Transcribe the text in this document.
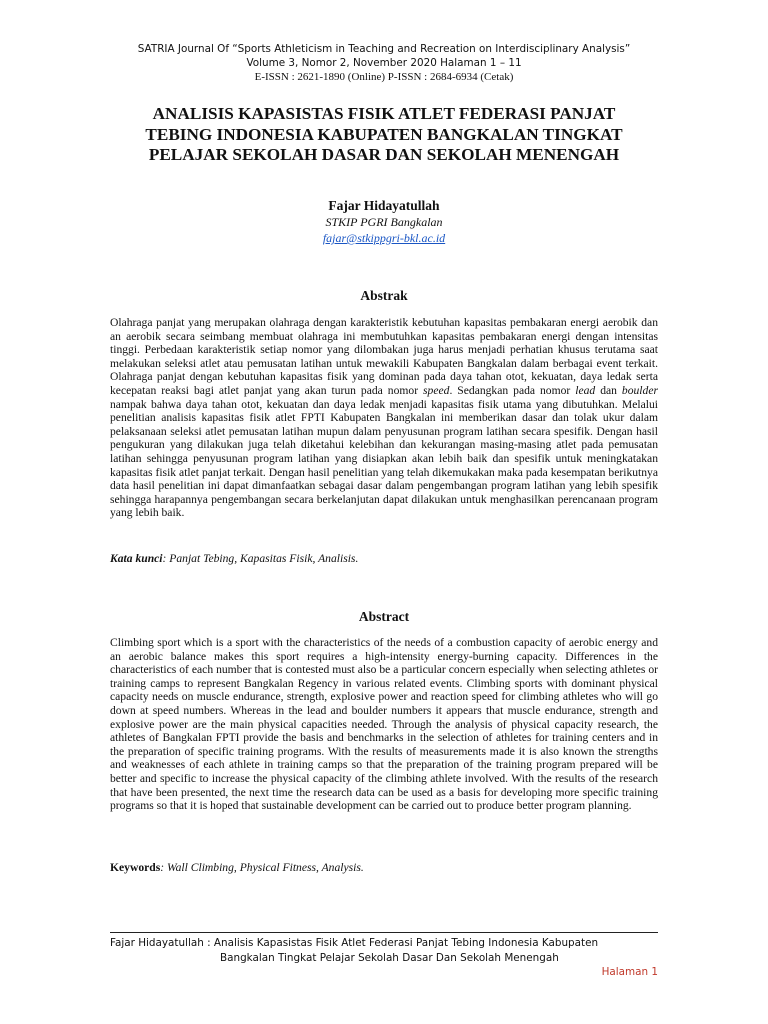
SATRIA Journal Of “Sports Athleticism in Teaching and Recreation on Interdisciplinary Analysis”
Volume 3, Nomor 2, November 2020 Halaman 1 – 11
E-ISSN : 2621-1890 (Online) P-ISSN : 2684-6934 (Cetak)
ANALISIS KAPASISTAS FISIK ATLET FEDERASI PANJAT
TEBING INDONESIA KABUPATEN BANGKALAN TINGKAT
PELAJAR SEKOLAH DASAR DAN SEKOLAH MENENGAH
Fajar Hidayatullah
STKIP PGRI Bangkalan
fajar@stkippgri-bkl.ac.id
Abstrak

Olahraga panjat yang merupakan olahraga dengan karakteristik kebutuhan kapasitas pembakaran energi aerobik dan an aerobik secara seimbang membuat olahraga ini membutuhkan kapasitas pembakaran energi dengan intensitas tinggi. Perbedaan karakteristik setiap nomor yang dilombakan juga harus menjadi perhatian khusus terutama saat melakukan seleksi atlet atau pemusatan latihan untuk mewakili Kabupaten Bangkalan dalam berbagai event terkait. Olahraga panjat dengan kebutuhan kapasitas fisik yang dominan pada daya tahan otot, kekuatan, daya ledak serta kecepatan reaksi bagi atlet panjat yang akan turun pada nomor speed. Sedangkan pada nomor lead dan boulder nampak bahwa daya tahan otot, kekuatan dan daya ledak menjadi kapasitas fisik utama yang dibutuhkan. Melalui penelitian analisis kapasitas fisik atlet FPTI Kabupaten Bangkalan ini memberikan dasar dan tolak ukur dalam pelaksanaan seleksi atlet pemusatan latihan mupun dalam penyusunan program latihan secara spesifik. Dengan hasil pengukuran yang dilakukan juga telah diketahui kelebihan dan kekurangan masing-masing atlet pada pemusatan latihan sehingga penyusunan program latihan yang disiapkan akan lebih baik dan spesifik untuk meningkatakan kapasitas fisik atlet panjat terkait. Dengan hasil penelitian yang telah dikemukakan maka pada kesempatan berikutnya data hasil penelitian ini dapat dimanfaatkan sebagai dasar dalam pengembangan program latihan yang lebih spesifik sehingga harapannya pengembangan secara berkelanjutan dapat dilakukan untuk menghasilkan perencanaan program yang lebih baik.

Kata kunci: Panjat Tebing, Kapasitas Fisik, Analisis.

Abstract

Climbing sport which is a sport with the characteristics of the needs of a combustion capacity of aerobic energy and an aerobic balance makes this sport requires a high-intensity energy-burning capacity. Differences in the characteristics of each number that is contested must also be a particular concern especially when selecting athletes or training camps to represent Bangkalan Regency in various related events. Climbing sports with dominant physical capacity needs on muscle endurance, strength, explosive power and reaction speed for climbing athletes who will go down at speed numbers. Whereas in the lead and boulder numbers it appears that muscle endurance, strength and explosive power are the main physical capacities needed. Through the analysis of physical capacity research, the athletes of Bangkalan FPTI provide the basis and benchmarks in the selection of athletes for training centers and in the preparation of specific training programs. With the results of measurements made it is also known the strengths and weaknesses of each athlete in training camps so that the preparation of the training program prepared will be better and specific to increase the physical capacity of the climbing athlete involved. With the results of the research that have been presented, the next time the research data can be used as a basis for developing more specific training programs so that it is hoped that sustainable development can be carried out to produce better program planning.

Keywords: Wall Climbing, Physical Fitness, Analysis.

Fajar Hidayatullah : Analisis Kapasistas Fisik Atlet Federasi Panjat Tebing Indonesia Kabupaten
Bangkalan Tingkat Pelajar Sekolah Dasar Dan Sekolah Menengah
Halaman 1
